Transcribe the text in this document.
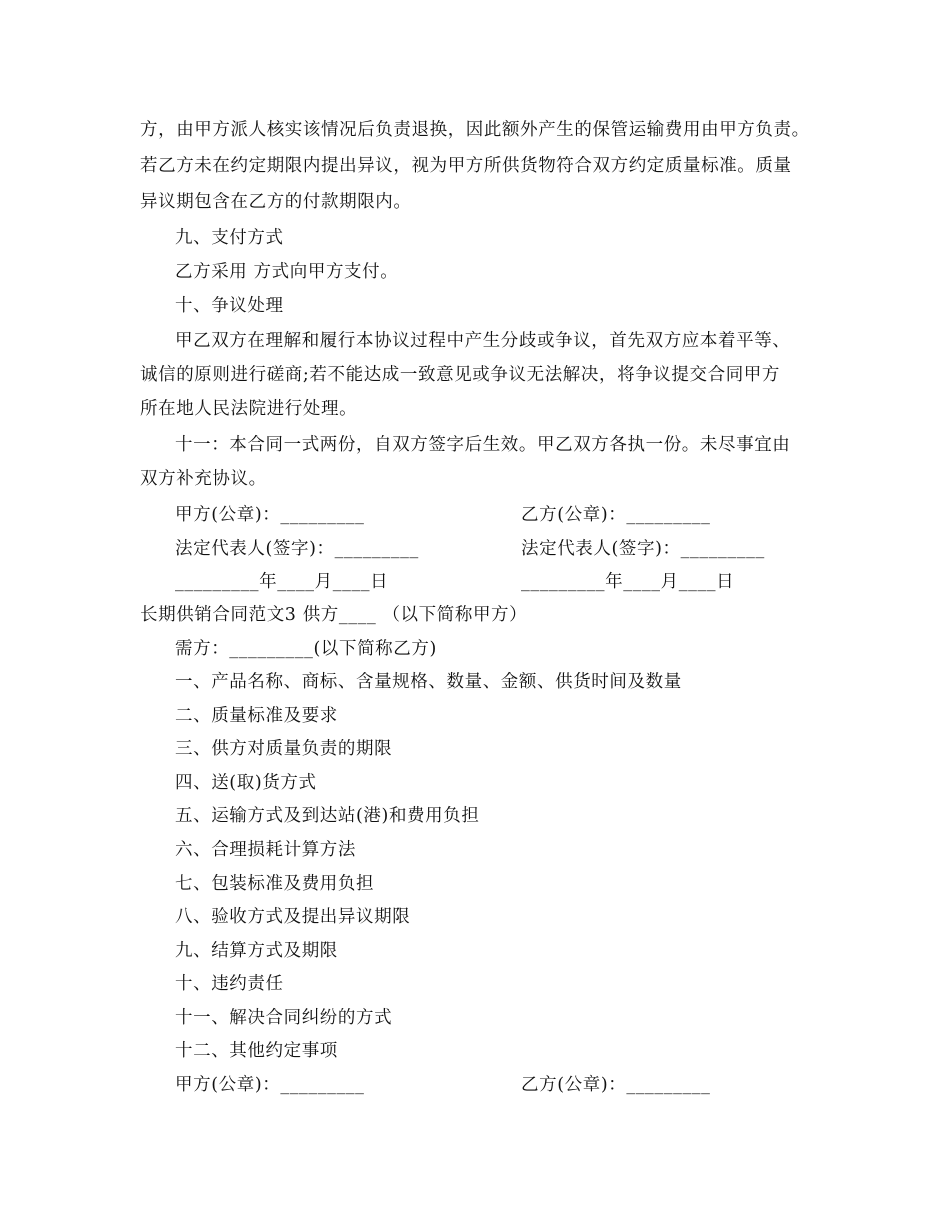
方，由甲方派人核实该情况后负责退换，因此额外产生的保管运输费用由甲方负责。
若乙方未在约定期限内提出异议，视为甲方所供货物符合双方约定质量标准。质量
异议期包含在乙方的付款期限内。
九、支付方式
乙方采用 方式向甲方支付。
十、争议处理
甲乙双方在理解和履行本协议过程中产生分歧或争议，首先双方应本着平等、
诚信的原则进行磋商;若不能达成一致意见或争议无法解决，将争议提交合同甲方
所在地人民法院进行处理。
十一：本合同一式两份，自双方签字后生效。甲乙双方各执一份。未尽事宜由
双方补充协议。
甲方(公章)：_________	乙方(公章)：_________
法定代表人(签字)：_________	法定代表人(签字)：_________
_________年____月____日	_________年____月____日
长期供销合同范文3 供方____ （以下简称甲方）
需方：_________(以下简称乙方)
一、产品名称、商标、含量规格、数量、金额、供货时间及数量
二、质量标准及要求
三、供方对质量负责的期限
四、送(取)货方式
五、运输方式及到达站(港)和费用负担
六、合理损耗计算方法
七、包装标准及费用负担
八、验收方式及提出异议期限
九、结算方式及期限
十、违约责任
十一、解决合同纠纷的方式
十二、其他约定事项
甲方(公章)：_________	乙方(公章)：_________
